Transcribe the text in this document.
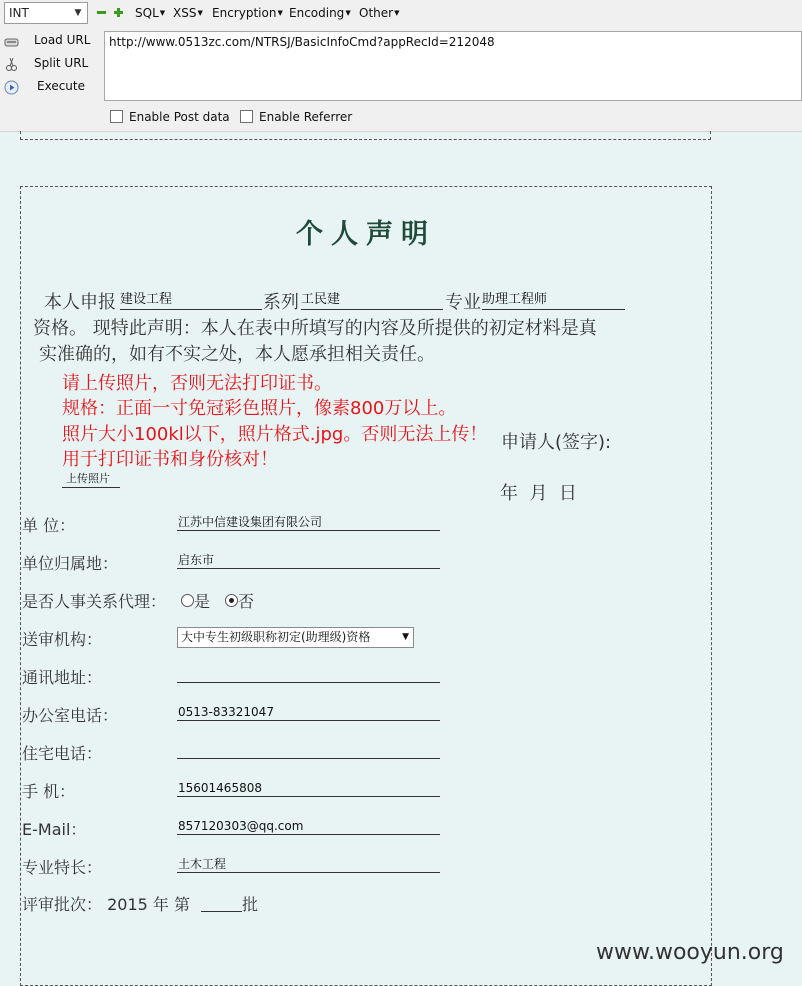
INT	▼	SQL▼ XSS▼ Encryption▼ Encoding▼ Other▼
Load URL
Split URL
Execute
http://www.0513zc.com/NTRSJ/BasicInfoCmd?appRecId=212048
Enable Post data	Enable Referrer
个人声明
本人申报 建设工程	系列 工民建	专业 助理工程师
资格。 现特此声明：本人在表中所填写的内容及所提供的初定材料是真
实准确的，如有不实之处，本人愿承担相关责任。
请上传照片，否则无法打印证书。
规格：正面一寸免冠彩色照片，像素800万以上。
照片大小100kl以下，照片格式.jpg。否则无法上传！
用于打印证书和身份核对！
申请人(签字):
上传照片
年  月  日
单 位：	江苏中信建设集团有限公司
单位归属地：	启东市
是否人事关系代理：	是	否
送审机构：	大中专生初级职称初定(助理级)资格	▼
通讯地址：
办公室电话：	0513-83321047
住宅电话：
手 机：	15601465808
E-Mail：	857120303@qq.com
专业特长：	土木工程
评审批次： 2015 年 第	批
www.wooyun.org
